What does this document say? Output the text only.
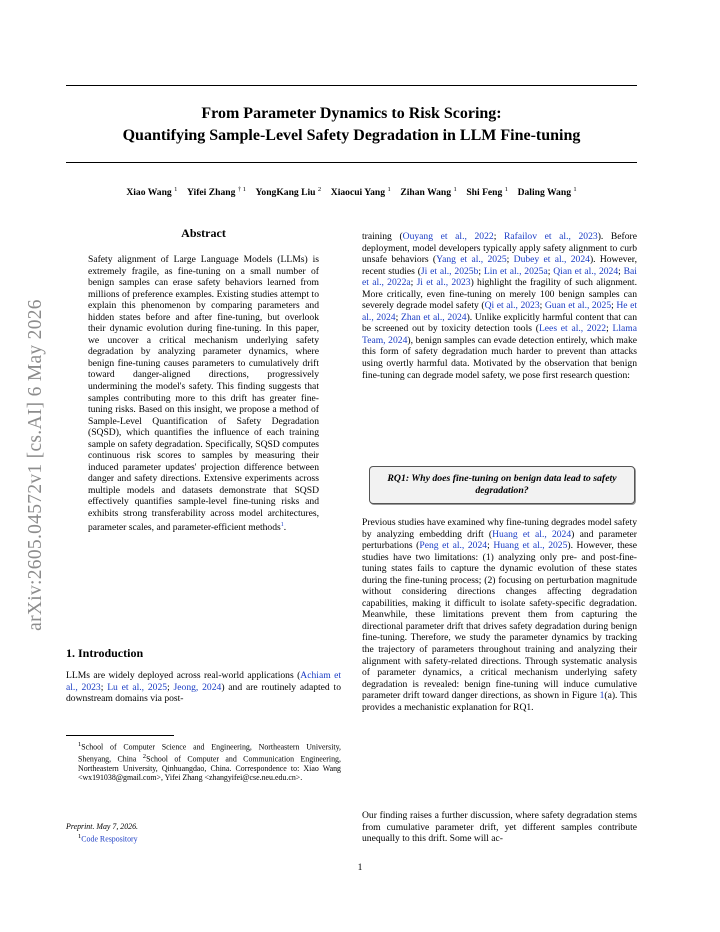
From Parameter Dynamics to Risk Scoring:
Quantifying Sample-Level Safety Degradation in LLM Fine-tuning
Xiao Wang $^1$  Yifei Zhang $^{\dagger 1}$  YongKang Liu $^2$  Xiaocui Yang $^1$  Zihan Wang $^1$  Shi Feng $^1$  Daling Wang $^1$
arXiv:2605.04572v1 [cs.AI] 6 May 2026
Abstract
Safety alignment of Large Language Models (LLMs) is extremely fragile, as fine-tuning on a small number of benign samples can erase safety behaviors learned from millions of preference examples. Existing studies attempt to explain this phenomenon by comparing parameters and hidden states before and after fine-tuning, but overlook their dynamic evolution during fine-tuning. In this paper, we uncover a critical mechanism underlying safety degradation by analyzing parameter dynamics, where benign fine-tuning causes parameters to cumulatively drift toward danger-aligned directions, progressively undermining the model's safety. This finding suggests that samples contributing more to this drift has greater fine-tuning risks. Based on this insight, we propose a method of Sample-Level Quantification of Safety Degradation (SQSD), which quantifies the influence of each training sample on safety degradation. Specifically, SQSD computes continuous risk scores to samples by measuring their induced parameter updates' projection difference between danger and safety directions. Extensive experiments across multiple models and datasets demonstrate that SQSD effectively quantifies sample-level fine-tuning risks and exhibits strong transferability across model architectures, parameter scales, and parameter-efficient methods$^1$.
1. Introduction
LLMs are widely deployed across real-world applications (Achiam et al., 2023; Lu et al., 2025; Jeong, 2024) and are routinely adapted to downstream domains via post-
$^1$School of Computer Science and Engineering, Northeastern University, Shenyang, China $^2$School of Computer and Communication Engineering, Northeastern University, Qinhuangdao, China. Correspondence to: Xiao Wang <wx191038@gmail.com>, Yifei Zhang <zhangyifei@cse.neu.edu.cn>.
Preprint. May 7, 2026.
$^1$Code Respository
training (Ouyang et al., 2022; Rafailov et al., 2023). Before deployment, model developers typically apply safety alignment to curb unsafe behaviors (Yang et al., 2025; Dubey et al., 2024). However, recent studies (Ji et al., 2025b; Lin et al., 2025a; Qian et al., 2024; Bai et al., 2022a; Ji et al., 2023) highlight the fragility of such alignment. More critically, even fine-tuning on merely 100 benign samples can severely degrade model safety (Qi et al., 2023; Guan et al., 2025; He et al., 2024; Zhan et al., 2024). Unlike explicitly harmful content that can be screened out by toxicity detection tools (Lees et al., 2022; Llama Team, 2024), benign samples can evade detection entirely, which make this form of safety degradation much harder to prevent than attacks using overtly harmful data. Motivated by the observation that benign fine-tuning can degrade model safety, we pose first research question:
RQ1: Why does fine-tuning on benign data lead to safety degradation?
Previous studies have examined why fine-tuning degrades model safety by analyzing embedding drift (Huang et al., 2024) and parameter perturbations (Peng et al., 2024; Huang et al., 2025). However, these studies have two limitations: (1) analyzing only pre- and post-fine-tuning states fails to capture the dynamic evolution of these states during the fine-tuning process; (2) focusing on perturbation magnitude without considering directions changes affecting degradation capabilities, making it difficult to isolate safety-specific degradation. Meanwhile, these limitations prevent them from capturing the directional parameter drift that drives safety degradation during benign fine-tuning. Therefore, we study the parameter dynamics by tracking the trajectory of parameters throughout training and analyzing their alignment with safety-related directions. Through systematic analysis of parameter dynamics, a critical mechanism underlying safety degradation is revealed: benign fine-tuning will induce cumulative parameter drift toward danger directions, as shown in Figure 1(a). This provides a mechanistic explanation for RQ1.
Our finding raises a further discussion, where safety degradation stems from cumulative parameter drift, yet different samples contribute unequally to this drift. Some will ac-
1
